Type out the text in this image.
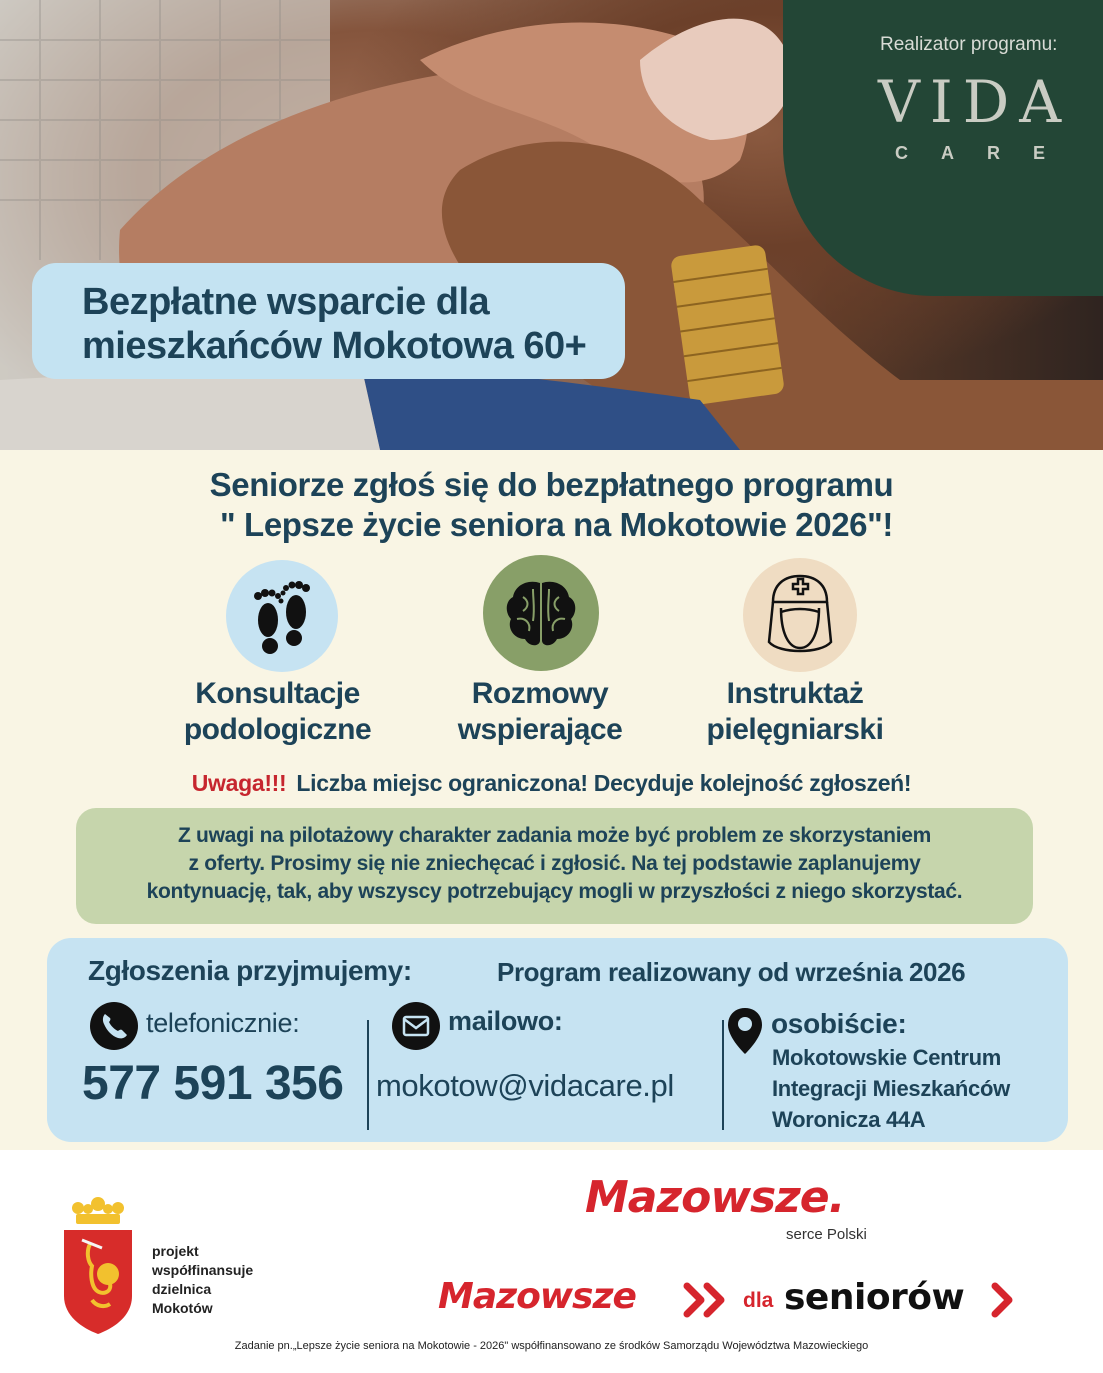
Realizator programu:
VIDA
CARE
Bezpłatne wsparcie dla
mieszkańców Mokotowa 60+
Seniorze zgłoś się do bezpłatnego programu
" Lepsze życie seniora na Mokotowie 2026"!
Konsultacje
podologiczne
Rozmowy
wspierające
Instruktaż
pielęgniarski
Uwaga!!! Liczba miejsc ograniczona! Decyduje kolejność zgłoszeń!
Z uwagi na pilotażowy charakter zadania może być problem ze skorzystaniem
z oferty. Prosimy się nie zniechęcać i zgłosić. Na tej podstawie zaplanujemy
kontynuację, tak, aby wszyscy potrzebujący mogli w przyszłości z niego skorzystać.
Zgłoszenia przyjmujemy:	Program realizowany od września 2026
telefonicznie:
577 591 356
mailowo:
mokotow@vidacare.pl
osobiście:
Mokotowskie Centrum
Integracji Mieszkańców
Woronicza 44A
projekt
współfinansuje
dzielnica
Mokotów
Mazowsze.
serce Polski
Mazowsze	dla seniorów
Zadanie pn.„Lepsze życie seniora na Mokotowie - 2026" współfinansowano ze środków Samorządu Województwa Mazowieckiego
